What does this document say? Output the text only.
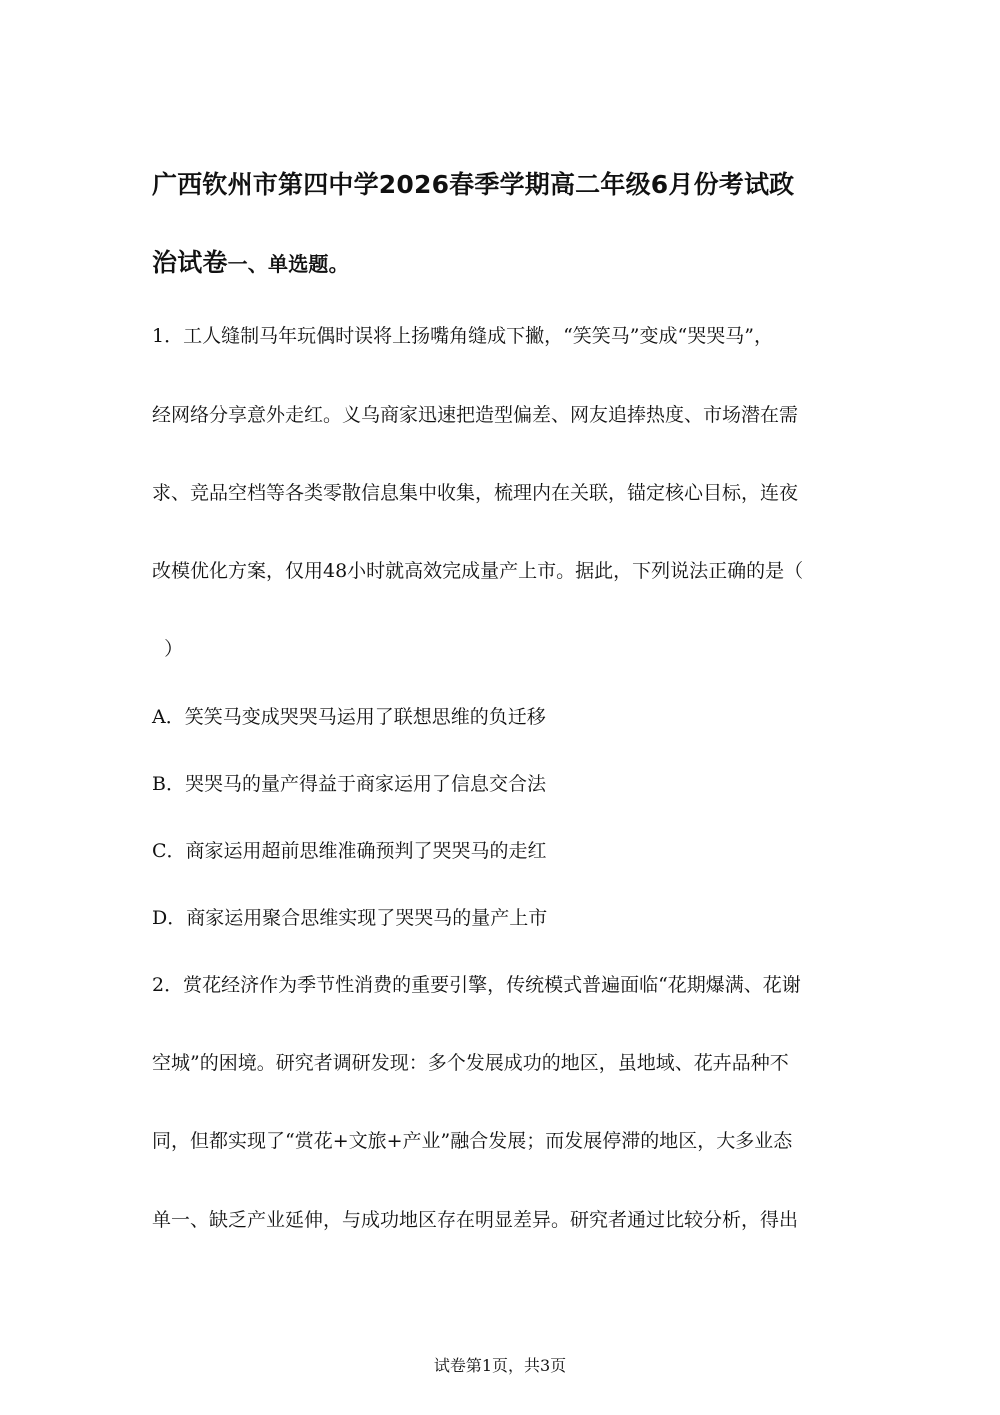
广西钦州市第四中学2026春季学期高二年级6月份考试政
治试卷一、单选题。
1．工人缝制马年玩偶时误将上扬嘴角缝成下撇，“笑笑马”变成“哭哭马”，
经网络分享意外走红。义乌商家迅速把造型偏差、网友追捧热度、市场潜在需
求、竞品空档等各类零散信息集中收集，梳理内在关联，锚定核心目标，连夜
改模优化方案，仅用48小时就高效完成量产上市。据此，下列说法正确的是（
）
A．笑笑马变成哭哭马运用了联想思维的负迁移
B．哭哭马的量产得益于商家运用了信息交合法
C．商家运用超前思维准确预判了哭哭马的走红
D．商家运用聚合思维实现了哭哭马的量产上市
2．赏花经济作为季节性消费的重要引擎，传统模式普遍面临“花期爆满、花谢
空城”的困境。研究者调研发现：多个发展成功的地区，虽地域、花卉品种不
同，但都实现了“赏花+文旅+产业”融合发展；而发展停滞的地区，大多业态
单一、缺乏产业延伸，与成功地区存在明显差异。研究者通过比较分析，得出
试卷第1页，共3页
